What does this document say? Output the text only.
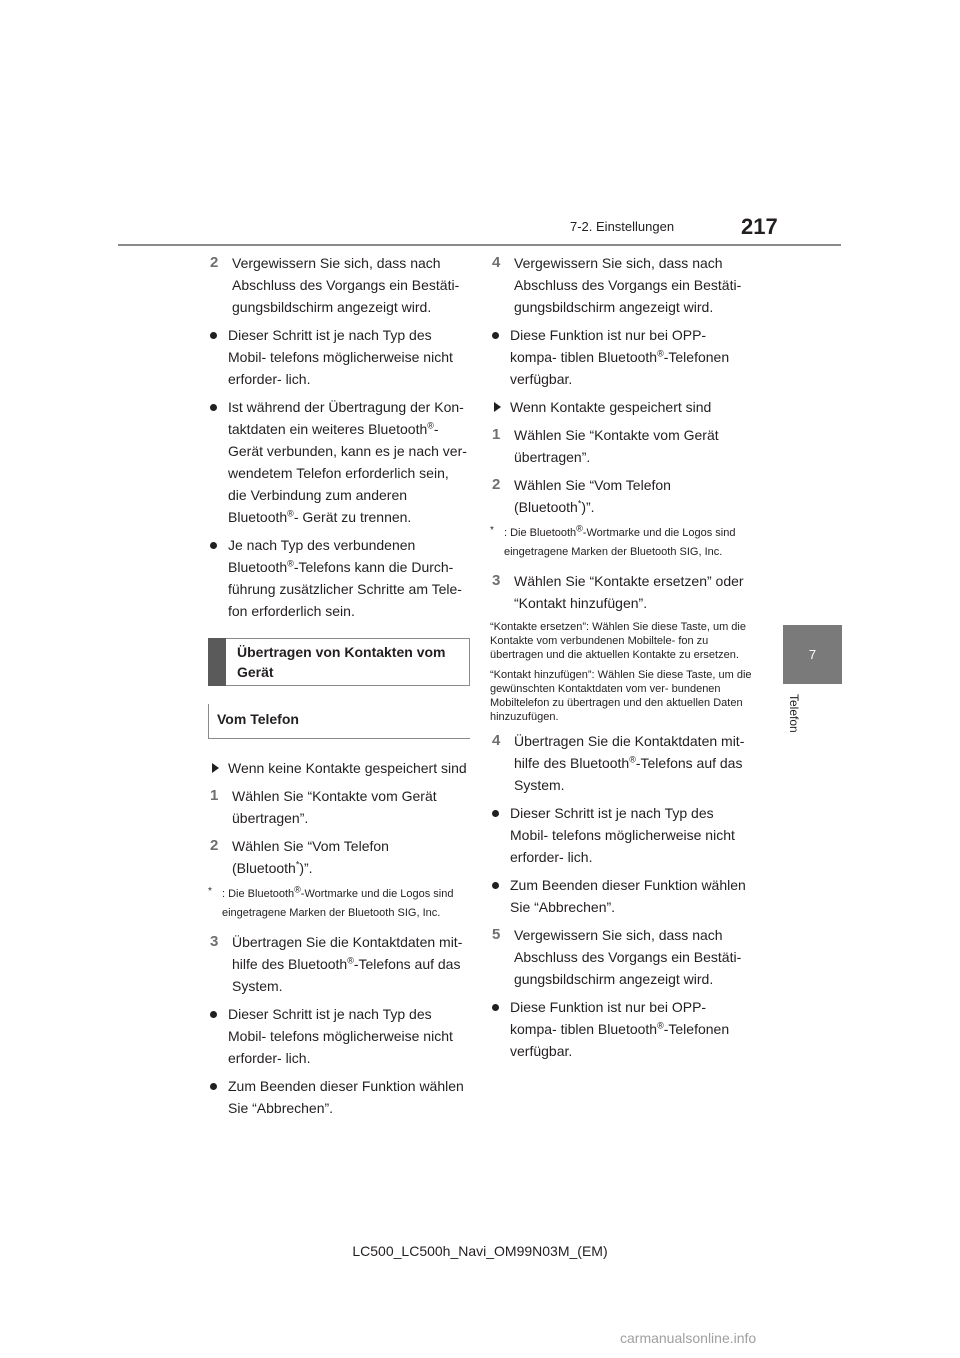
7-2. Einstellungen	217
7
Telefon
2 Vergewissern Sie sich, dass nach Abschluss des Vorgangs ein Bestäti- gungsbildschirm angezeigt wird.
Dieser Schritt ist je nach Typ des Mobil- telefons möglicherweise nicht erforder- lich.
Ist während der Übertragung der Kon- taktdaten ein weiteres Bluetooth®- Gerät verbunden, kann es je nach ver- wendetem Telefon erforderlich sein, die Verbindung zum anderen Bluetooth®- Gerät zu trennen.
Je nach Typ des verbundenen Bluetooth®-Telefons kann die Durch- führung zusätzlicher Schritte am Tele- fon erforderlich sein.
Übertragen von Kontakten vom Gerät
Vom Telefon
Wenn keine Kontakte gespeichert sind
1 Wählen Sie “Kontakte vom Gerät übertragen”.
2 Wählen Sie “Vom Telefon (Bluetooth*)”.
* : Die Bluetooth®-Wortmarke und die Logos sind eingetragene Marken der Bluetooth SIG, Inc.
3 Übertragen Sie die Kontaktdaten mit- hilfe des Bluetooth®-Telefons auf das System.
Dieser Schritt ist je nach Typ des Mobil- telefons möglicherweise nicht erforder- lich.
Zum Beenden dieser Funktion wählen Sie “Abbrechen”.
4 Vergewissern Sie sich, dass nach Abschluss des Vorgangs ein Bestäti- gungsbildschirm angezeigt wird.
Diese Funktion ist nur bei OPP-kompa- tiblen Bluetooth®-Telefonen verfügbar.
Wenn Kontakte gespeichert sind
1 Wählen Sie “Kontakte vom Gerät übertragen”.
2 Wählen Sie “Vom Telefon (Bluetooth*)”.
* : Die Bluetooth®-Wortmarke und die Logos sind eingetragene Marken der Bluetooth SIG, Inc.
3 Wählen Sie “Kontakte ersetzen” oder “Kontakt hinzufügen”.
“Kontakte ersetzen”: Wählen Sie diese Taste, um die Kontakte vom verbundenen Mobiltele- fon zu übertragen und die aktuellen Kontakte zu ersetzen.
“Kontakt hinzufügen”: Wählen Sie diese Taste, um die gewünschten Kontaktdaten vom ver- bundenen Mobiltelefon zu übertragen und den aktuellen Daten hinzuzufügen.
4 Übertragen Sie die Kontaktdaten mit- hilfe des Bluetooth®-Telefons auf das System.
Dieser Schritt ist je nach Typ des Mobil- telefons möglicherweise nicht erforder- lich.
Zum Beenden dieser Funktion wählen Sie “Abbrechen”.
5 Vergewissern Sie sich, dass nach Abschluss des Vorgangs ein Bestäti- gungsbildschirm angezeigt wird.
Diese Funktion ist nur bei OPP-kompa- tiblen Bluetooth®-Telefonen verfügbar.
LC500_LC500h_Navi_OM99N03M_(EM)
carmanualsonline.info
